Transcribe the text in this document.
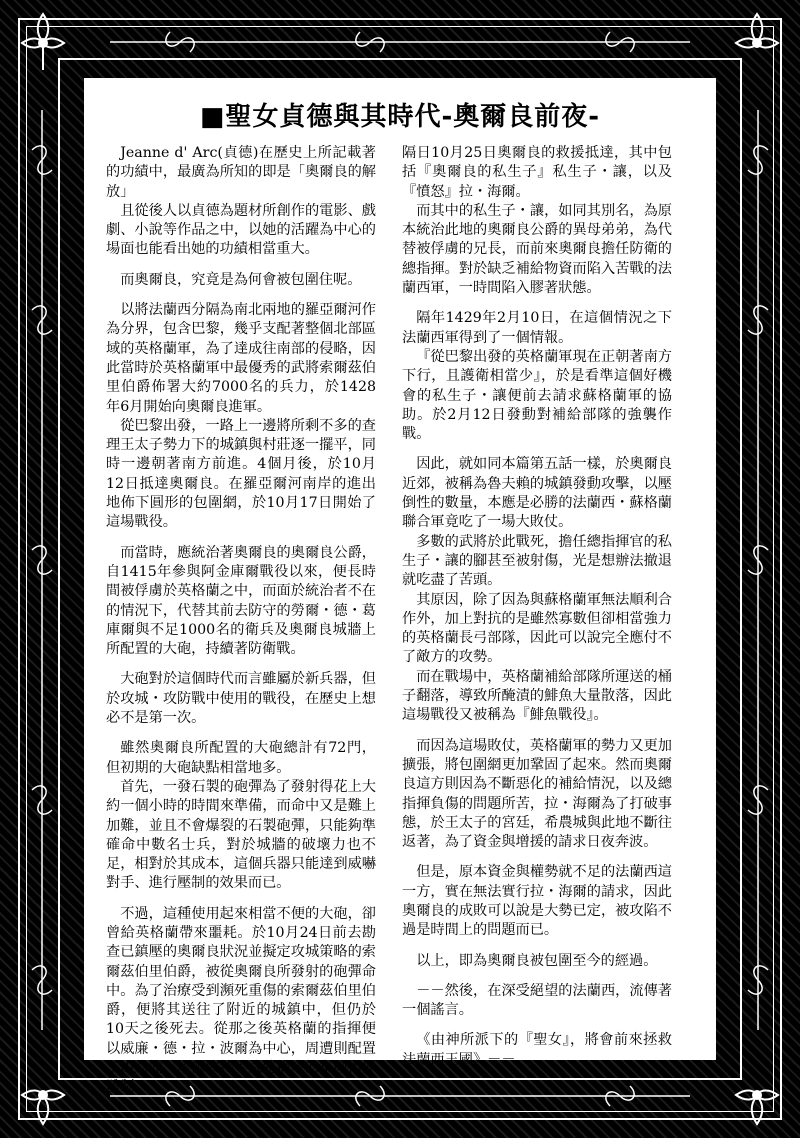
■聖女貞德與其時代-奧爾良前夜-

Jeanne d' Arc(貞德)在歷史上所記載著的功績中，最廣為所知的即是「奧爾良的解放」

且從後人以貞德為題材所創作的電影、戲劇、小說等作品之中，以她的活躍為中心的場面也能看出她的功績相當重大。

而奧爾良，究竟是為何會被包圍住呢。

以將法蘭西分隔為南北兩地的羅亞爾河作為分界，包含巴黎，幾乎支配著整個北部區域的英格蘭軍，為了達成往南部的侵略，因此當時於英格蘭軍中最優秀的武將索爾茲伯里伯爵佈署大約7000名的兵力，於1428年6月開始向奧爾良進軍。

從巴黎出發，一路上一邊將所剩不多的查理王太子勢力下的城鎮與村莊逐一擺平，同時一邊朝著南方前進。4個月後，於10月12日抵達奧爾良。在羅亞爾河南岸的進出地佈下圓形的包圍網，於10月17日開始了這場戰役。

而當時，應統治著奧爾良的奧爾良公爵，自1415年參與阿金庫爾戰役以來，便長時間被俘虜於英格蘭之中，而面於統治者不在的情況下，代替其前去防守的勞爾・德・葛庫爾與不足1000名的衛兵及奧爾良城牆上所配置的大砲，持續著防衛戰。

大砲對於這個時代而言雖屬於新兵器，但於攻城・攻防戰中使用的戰役，在歷史上想必不是第一次。

雖然奧爾良所配置的大砲總計有72門，但初期的大砲缺點相當地多。

首先，一發石製的砲彈為了發射得花上大約一個小時的時間來準備，而命中又是難上加難，並且不會爆裂的石製砲彈，只能夠準確命中數名士兵，對於城牆的破壞力也不足，相對於其成本，這個兵器只能達到威嚇對手、進行壓制的效果而已。

不過，這種使用起來相當不便的大砲，卻曾給英格蘭帶來噩耗。於10月24日前去勘查已鎮壓的奧爾良狀況並擬定攻城策略的索爾茲伯里伯爵，被從奧爾良所發射的砲彈命中。為了治療受到瀕死重傷的索爾茲伯里伯爵，便將其送往了附近的城鎮中，但仍於10天之後死去。從那之後英格蘭的指揮便以威廉・德・拉・波爾為中心，周遭則配置了由約翰・塔爾波特等武將構成的集團指揮體制。

隔日10月25日奧爾良的救援抵達，其中包括『奧爾良的私生子』私生子・讓，以及『憤怒』拉・海爾。

而其中的私生子・讓，如同其別名，為原本統治此地的奧爾良公爵的異母弟弟，為代替被俘虜的兄長，而前來奧爾良擔任防衛的總指揮。對於缺乏補給物資而陷入苦戰的法蘭西軍，一時間陷入膠著狀態。

隔年1429年2月10日，在這個情況之下法蘭西軍得到了一個情報。

『從巴黎出發的英格蘭軍現在正朝著南方下行，且護衛相當少』，於是看準這個好機會的私生子・讓便前去請求蘇格蘭軍的協助。於2月12日發動對補給部隊的強襲作戰。

因此，就如同本篇第五話一樣，於奧爾良近郊，被稱為魯夫賴的城鎮發動攻擊，以壓倒性的數量，本應是必勝的法蘭西・蘇格蘭聯合軍竟吃了一場大敗仗。

多數的武將於此戰死，擔任總指揮官的私生子・讓的腳甚至被射傷，光是想辦法撤退就吃盡了苦頭。

其原因，除了因為與蘇格蘭軍無法順利合作外，加上對抗的是雖然寡數但卻相當強力的英格蘭長弓部隊，因此可以說完全應付不了敵方的攻勢。

而在戰場中，英格蘭補給部隊所運送的桶子翻落，導致所醃漬的鯡魚大量散落，因此這場戰役又被稱為『鯡魚戰役』。

而因為這場敗仗，英格蘭軍的勢力又更加擴張，將包圍網更加鞏固了起來。然而奧爾良這方則因為不斷惡化的補給情況，以及總指揮負傷的問題所苦，拉・海爾為了打破事態，於王太子的宮廷，希農城與此地不斷往返著，為了資金與增援的請求日夜奔波。

但是，原本資金與權勢就不足的法蘭西這一方，實在無法實行拉・海爾的請求，因此奧爾良的成敗可以說是大勢已定，被攻陷不過是時間上的問題而已。

以上，即為奧爾良被包圍至今的經過。

－－然後，在深受絕望的法蘭西，流傳著一個謠言。

《由神所派下的『聖女』，將會前來拯救法蘭西王國》－－。
